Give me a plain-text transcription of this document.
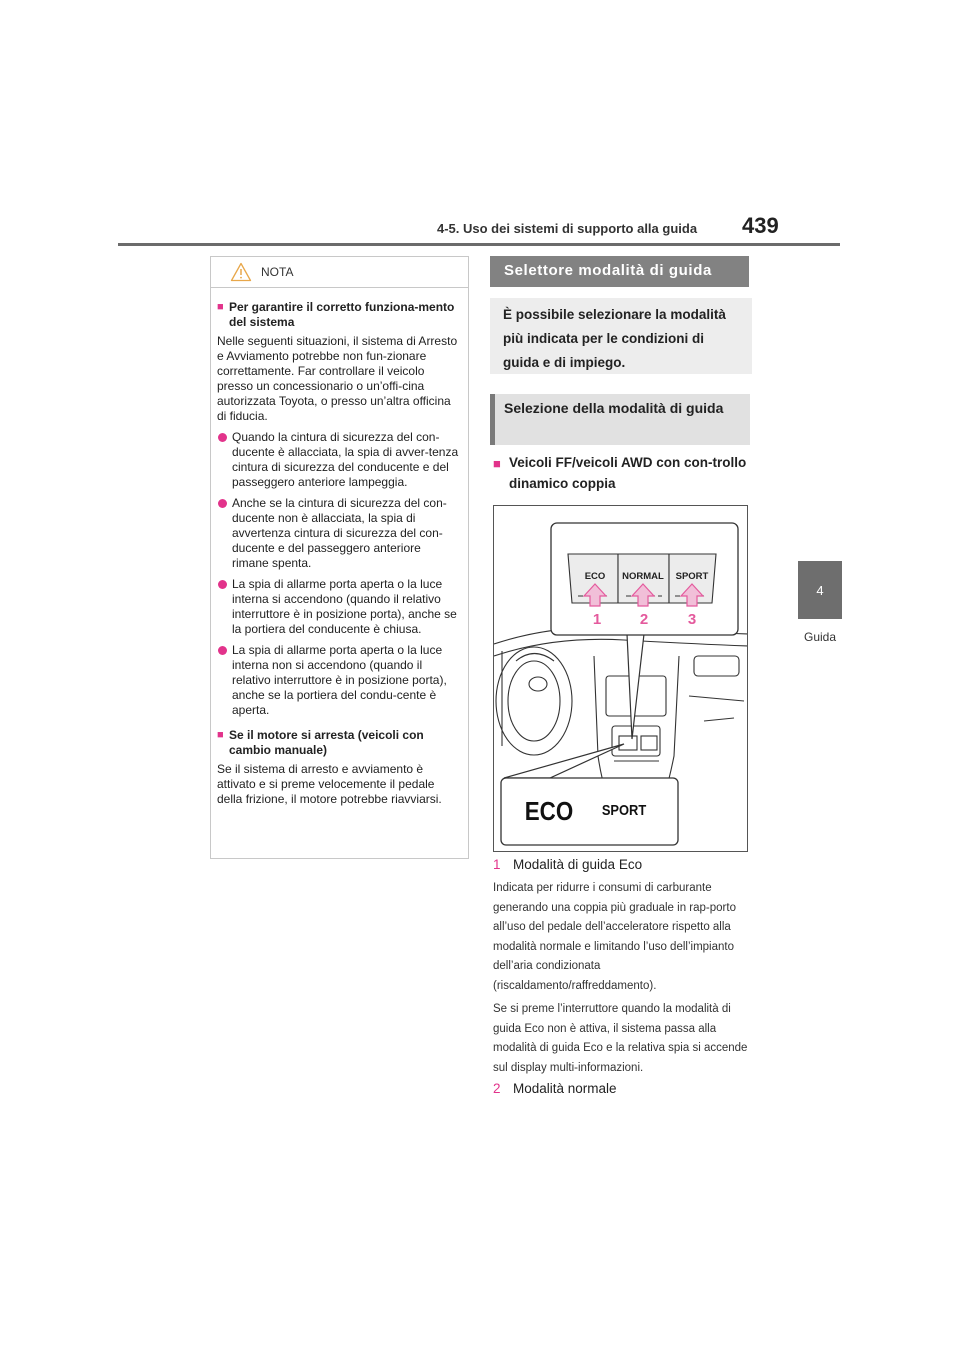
4-5. Uso dei sistemi di supporto alla guida 439
4
Guida
NOTA
■ Per garantire il corretto funziona-mento del sistema
Nelle seguenti situazioni, il sistema di Arresto e Avviamento potrebbe non fun-zionare correttamente. Far controllare il veicolo presso un concessionario o un’offi-cina autorizzata Toyota, o presso un’altra officina di fiducia.
Quando la cintura di sicurezza del con-ducente è allacciata, la spia di avver-tenza cintura di sicurezza del conducente e del passeggero anteriore lampeggia.
Anche se la cintura di sicurezza del con-ducente non è allacciata, la spia di avvertenza cintura di sicurezza del con-ducente e del passeggero anteriore rimane spenta.
La spia di allarme porta aperta o la luce interna si accendono (quando il relativo interruttore è in posizione porta), anche se la portiera del conducente è chiusa.
La spia di allarme porta aperta o la luce interna non si accendono (quando il relativo interruttore è in posizione porta), anche se la portiera del condu-cente è aperta.
■ Se il motore si arresta (veicoli con cambio manuale)
Se il sistema di arresto e avviamento è attivato e si preme velocemente il pedale della frizione, il motore potrebbe riavviarsi.
Selettore modalità di guida
È possibile selezionare la modalità più indicata per le condizioni di guida e di impiego.
Selezione della modalità di guida
■ Veicoli FF/veicoli AWD con con-trollo dinamico coppia
ECO NORMAL SPORT
1	2	3
ECO SPORT
1 Modalità di guida Eco
Indicata per ridurre i consumi di carburante generando una coppia più graduale in rap-porto all’uso del pedale dell’acceleratore rispetto alla modalità normale e limitando l’uso dell’impianto dell’aria condizionata (riscaldamento/raffreddamento).
Se si preme l’interruttore quando la modalità di guida Eco non è attiva, il sistema passa alla modalità di guida Eco e la relativa spia si accende sul display multi-informazioni.
2 Modalità normale
